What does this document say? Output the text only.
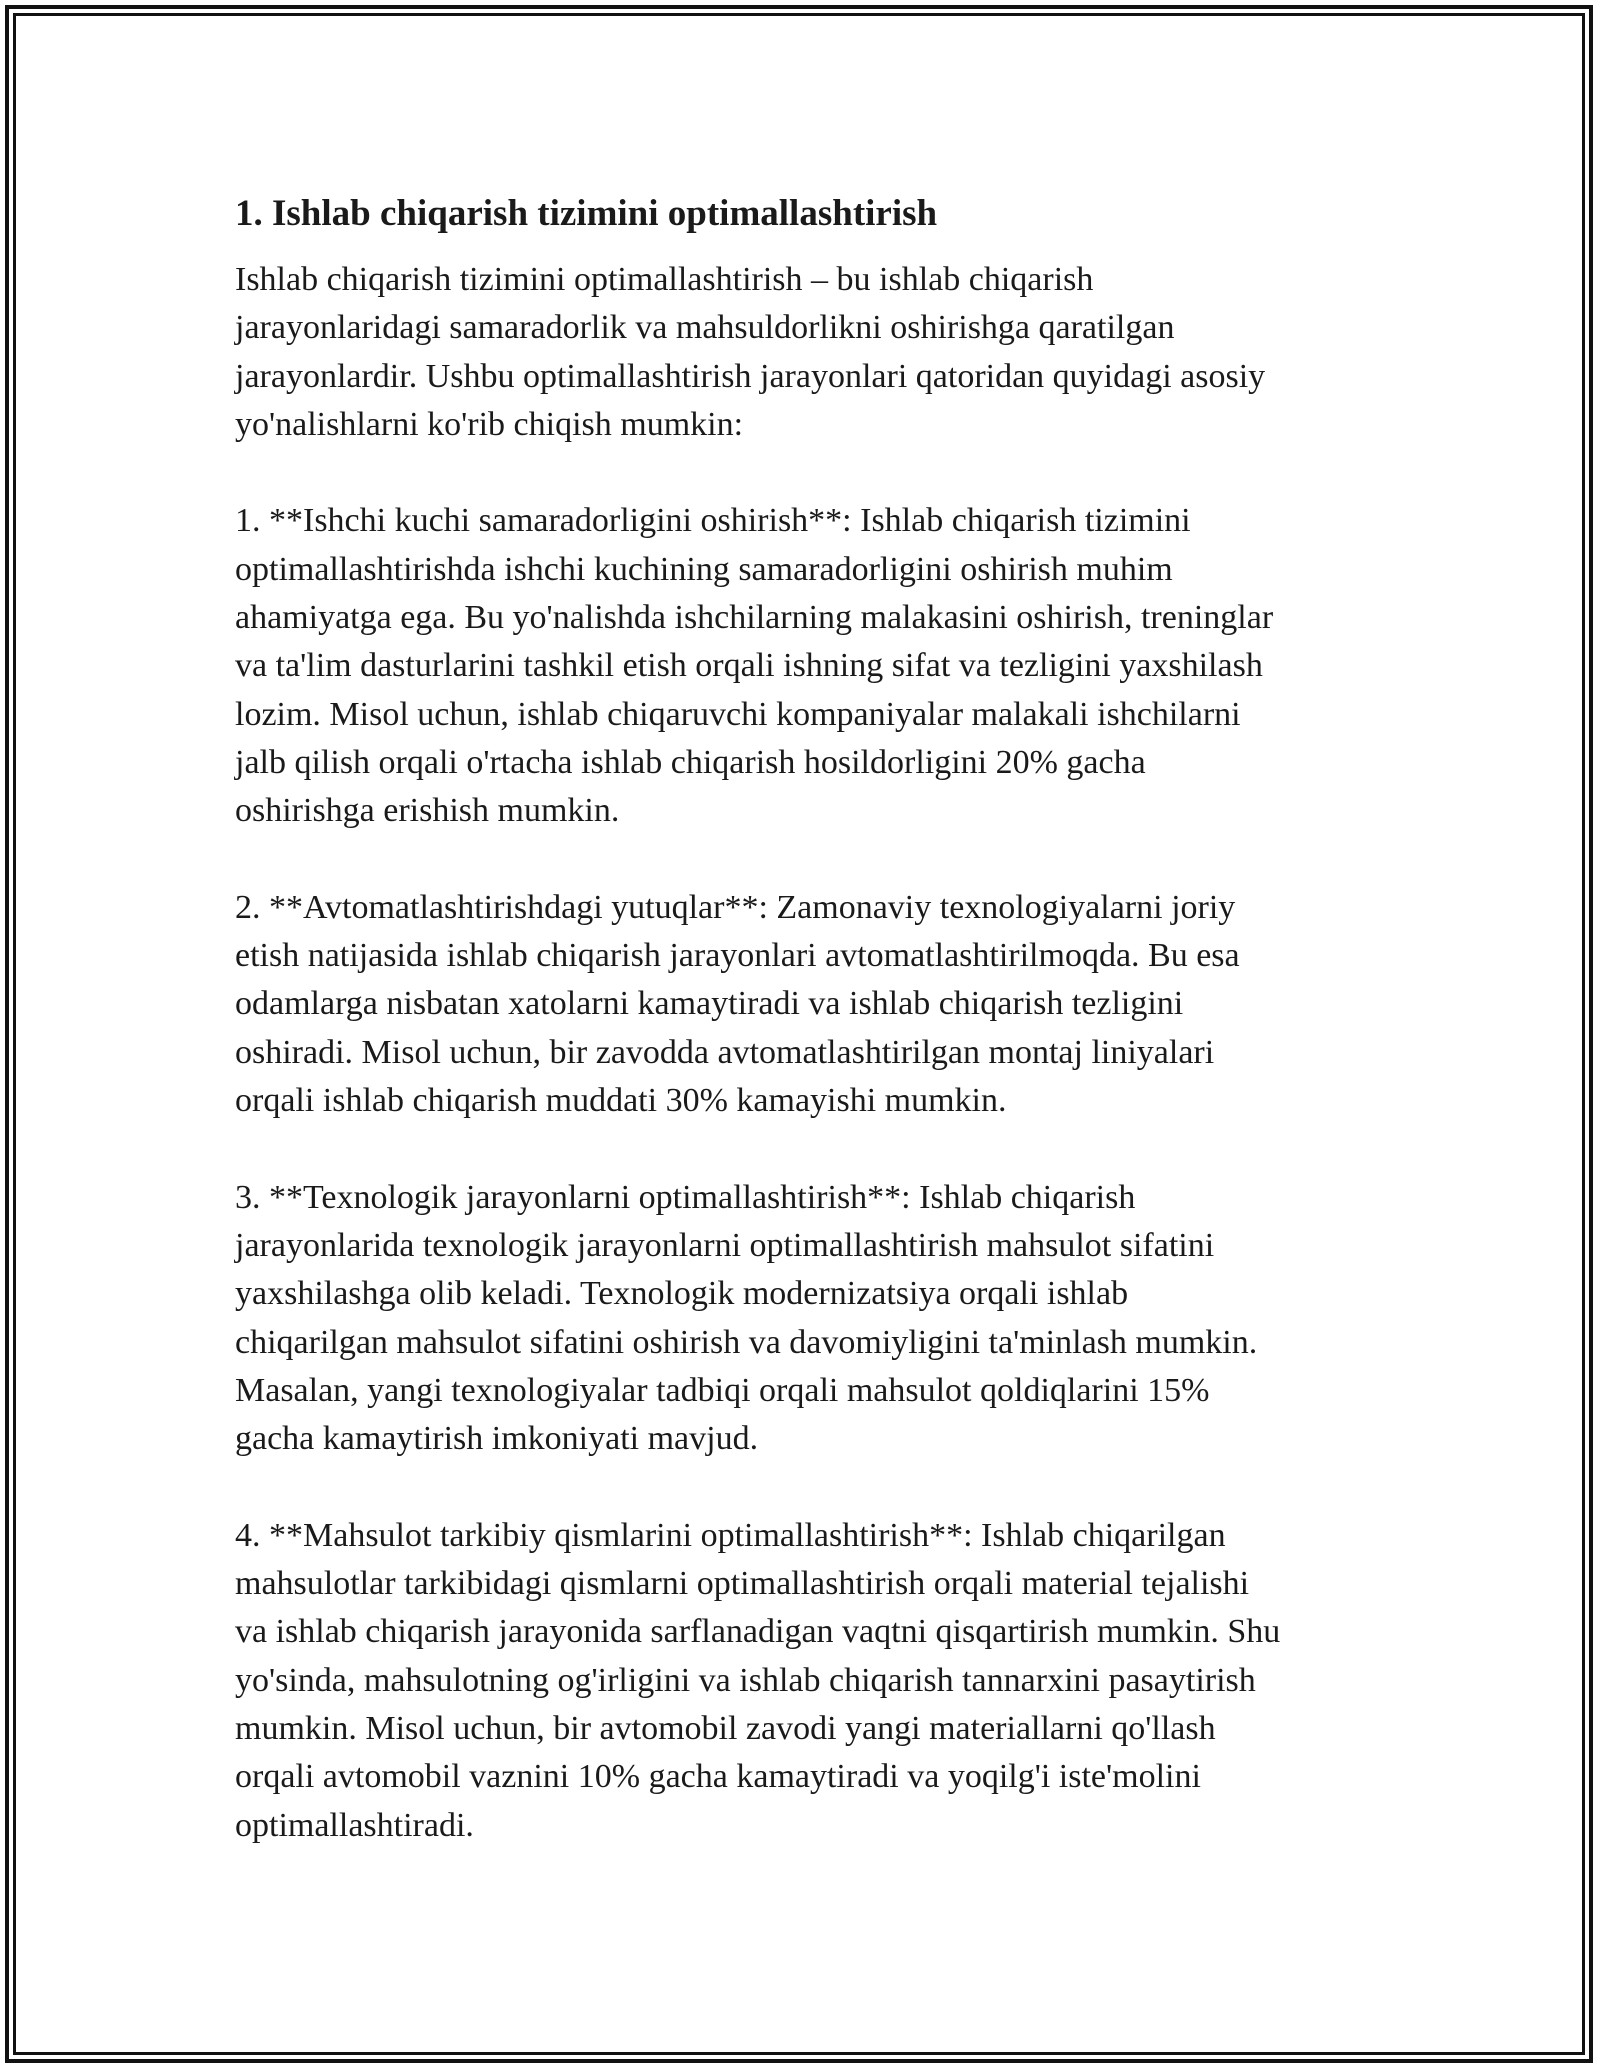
1. Ishlab chiqarish tizimini optimallashtirish

Ishlab chiqarish tizimini optimallashtirish – bu ishlab chiqarish
jarayonlaridagi samaradorlik va mahsuldorlikni oshirishga qaratilgan
jarayonlardir. Ushbu optimallashtirish jarayonlari qatoridan quyidagi asosiy
yo'nalishlarni ko'rib chiqish mumkin:

1. **Ishchi kuchi samaradorligini oshirish**: Ishlab chiqarish tizimini
optimallashtirishda ishchi kuchining samaradorligini oshirish muhim
ahamiyatga ega. Bu yo'nalishda ishchilarning malakasini oshirish, treninglar
va ta'lim dasturlarini tashkil etish orqali ishning sifat va tezligini yaxshilash
lozim. Misol uchun, ishlab chiqaruvchi kompaniyalar malakali ishchilarni
jalb qilish orqali o'rtacha ishlab chiqarish hosildorligini 20% gacha
oshirishga erishish mumkin.

2. **Avtomatlashtirishdagi yutuqlar**: Zamonaviy texnologiyalarni joriy
etish natijasida ishlab chiqarish jarayonlari avtomatlashtirilmoqda. Bu esa
odamlarga nisbatan xatolarni kamaytiradi va ishlab chiqarish tezligini
oshiradi. Misol uchun, bir zavodda avtomatlashtirilgan montaj liniyalari
orqali ishlab chiqarish muddati 30% kamayishi mumkin.

3. **Texnologik jarayonlarni optimallashtirish**: Ishlab chiqarish
jarayonlarida texnologik jarayonlarni optimallashtirish mahsulot sifatini
yaxshilashga olib keladi. Texnologik modernizatsiya orqali ishlab
chiqarilgan mahsulot sifatini oshirish va davomiyligini ta'minlash mumkin.
Masalan, yangi texnologiyalar tadbiqi orqali mahsulot qoldiqlarini 15%
gacha kamaytirish imkoniyati mavjud.

4. **Mahsulot tarkibiy qismlarini optimallashtirish**: Ishlab chiqarilgan
mahsulotlar tarkibidagi qismlarni optimallashtirish orqali material tejalishi
va ishlab chiqarish jarayonida sarflanadigan vaqtni qisqartirish mumkin. Shu
yo'sinda, mahsulotning og'irligini va ishlab chiqarish tannarxini pasaytirish
mumkin. Misol uchun, bir avtomobil zavodi yangi materiallarni qo'llash
orqali avtomobil vaznini 10% gacha kamaytiradi va yoqilg'i iste'molini
optimallashtiradi.
